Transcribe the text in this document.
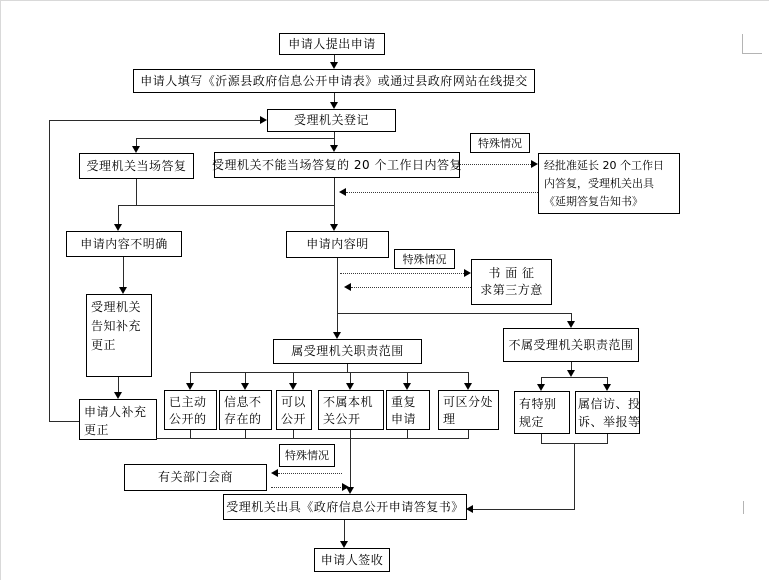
申请人提出申请
申请人填写《沂源县政府信息公开申请表》或通过县政府网站在线提交
受理机关登记
受理机关当场答复 受理机关不能当场答复的 20 个工作日内答复
特殊情况
经批准延长 20 个工作日
内答复，受理机关出具
《延期答复告知书》
申请内容不明确	申请内容明
特殊情况
书 面 征
求第三方意
受理机关
告知补充
更正
申请人补充
更正
属受理机关职责范围	不属受理机关职责范围
已主动
公开的
信息不
存在的
可以
公开
不属本机
关公开
重复
申请
可区分处
理
有特别
规定
属信访、投
诉、举报等
特殊情况
有关部门会商
受理机关出具《政府信息公开申请答复书》
申请人签收
